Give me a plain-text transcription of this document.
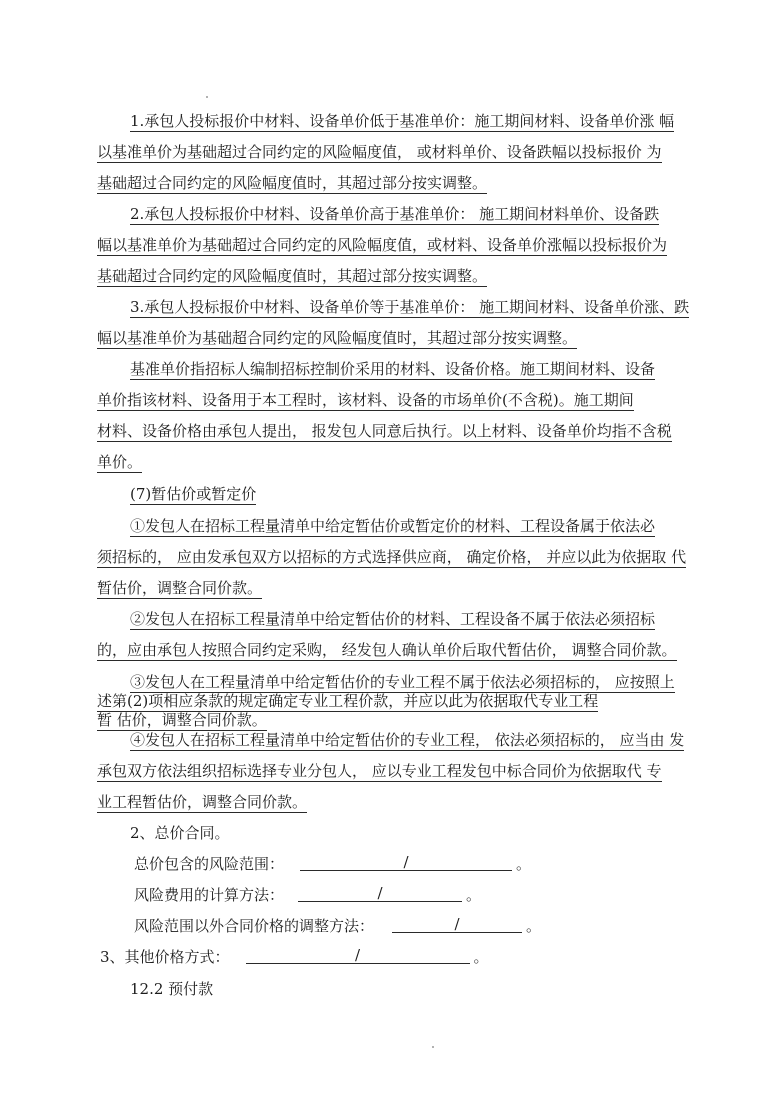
1.承包人投标报价中材料、设备单价低于基准单价：施工期间材料、设备单价涨 幅
以基准单价为基础超过合同约定的风险幅度值， 或材料单价、设备跌幅以投标报价 为
基础超过合同约定的风险幅度值时，其超过部分按实调整。
2.承包人投标报价中材料、设备单价高于基准单价： 施工期间材料单价、设备跌
幅以基准单价为基础超过合同约定的风险幅度值，或材料、设备单价涨幅以投标报价为
基础超过合同约定的风险幅度值时，其超过部分按实调整。
3.承包人投标报价中材料、设备单价等于基准单价： 施工期间材料、设备单价涨、跌
幅以基准单价为基础超合同约定的风险幅度值时，其超过部分按实调整。
基准单价指招标人编制招标控制价采用的材料、设备价格。施工期间材料、设备
单价指该材料、设备用于本工程时，该材料、设备的市场单价(不含税)。施工期间
材料、设备价格由承包人提出， 报发包人同意后执行。以上材料、设备单价均指不含税
单价。
(7)暂估价或暂定价
①发包人在招标工程量清单中给定暂估价或暂定价的材料、工程设备属于依法必
须招标的， 应由发承包双方以招标的方式选择供应商， 确定价格， 并应以此为依据取 代
暂估价，调整合同价款。
②发包人在招标工程量清单中给定暂估价的材料、工程设备不属于依法必须招标
的，应由承包人按照合同约定采购， 经发包人确认单价后取代暂估价， 调整合同价款。
③发包人在工程量清单中给定暂估价的专业工程不属于依法必须招标的， 应按照上
述第(2)项相应条款的规定确定专业工程价款，并应以此为依据取代专业工程
暂 估价，调整合同价款。
④发包人在招标工程量清单中给定暂估价的专业工程， 依法必须招标的， 应当由 发
承包双方依法组织招标选择专业分包人， 应以专业工程发包中标合同价为依据取代 专
业工程暂估价，调整合同价款。
2、总价合同。
总价包含的风险范围：	/	。
风险费用的计算方法：	/	。
风险范围以外合同价格的调整方法：	/	。
3、其他价格方式：	/	。
12.2 预付款
